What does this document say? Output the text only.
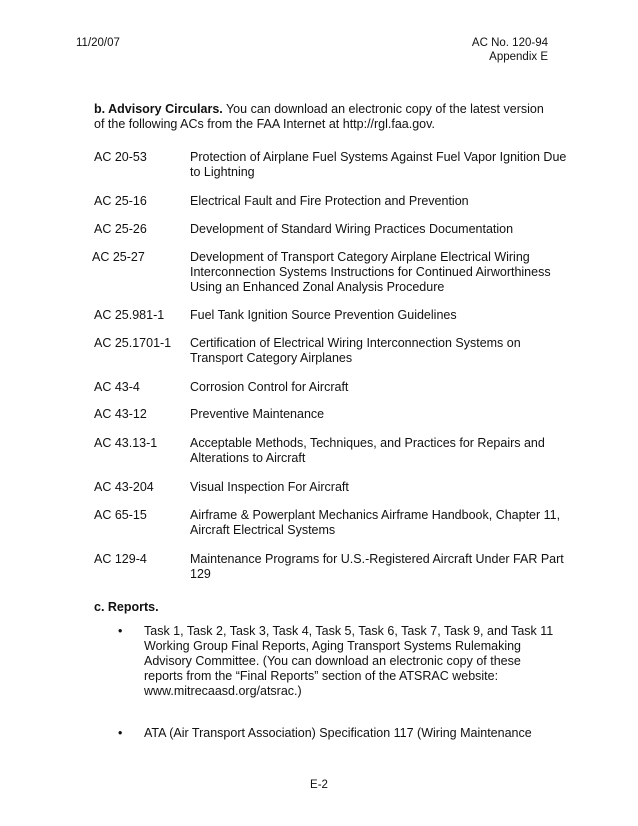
11/20/07	AC No. 120-94
Appendix E
b. Advisory Circulars. You can download an electronic copy of the latest version
of the following ACs from the FAA Internet at http://rgl.faa.gov.
AC 20-53	Protection of Airplane Fuel Systems Against Fuel Vapor Ignition Due to Lightning
AC 25-16	Electrical Fault and Fire Protection and Prevention
AC 25-26	Development of Standard Wiring Practices Documentation
AC 25-27	Development of Transport Category Airplane Electrical Wiring Interconnection Systems Instructions for Continued Airworthiness Using an Enhanced Zonal Analysis Procedure
AC 25.981-1 Fuel Tank Ignition Source Prevention Guidelines
AC 25.1701-1 Certification of Electrical Wiring Interconnection Systems on Transport Category Airplanes
AC 43-4	Corrosion Control for Aircraft
AC 43-12	Preventive Maintenance
AC 43.13-1	Acceptable Methods, Techniques, and Practices for Repairs and Alterations to Aircraft
AC 43-204	Visual Inspection For Aircraft
AC 65-15	Airframe & Powerplant Mechanics Airframe Handbook, Chapter 11, Aircraft Electrical Systems
AC 129-4	Maintenance Programs for U.S.-Registered Aircraft Under FAR Part 129
c. Reports.
• Task 1, Task 2, Task 3, Task 4, Task 5, Task 6, Task 7, Task 9, and Task 11 Working Group Final Reports, Aging Transport Systems Rulemaking Advisory Committee. (You can download an electronic copy of these reports from the “Final Reports” section of the ATSRAC website: www.mitrecaasd.org/atsrac.)
• ATA (Air Transport Association) Specification 117 (Wiring Maintenance
E-2
